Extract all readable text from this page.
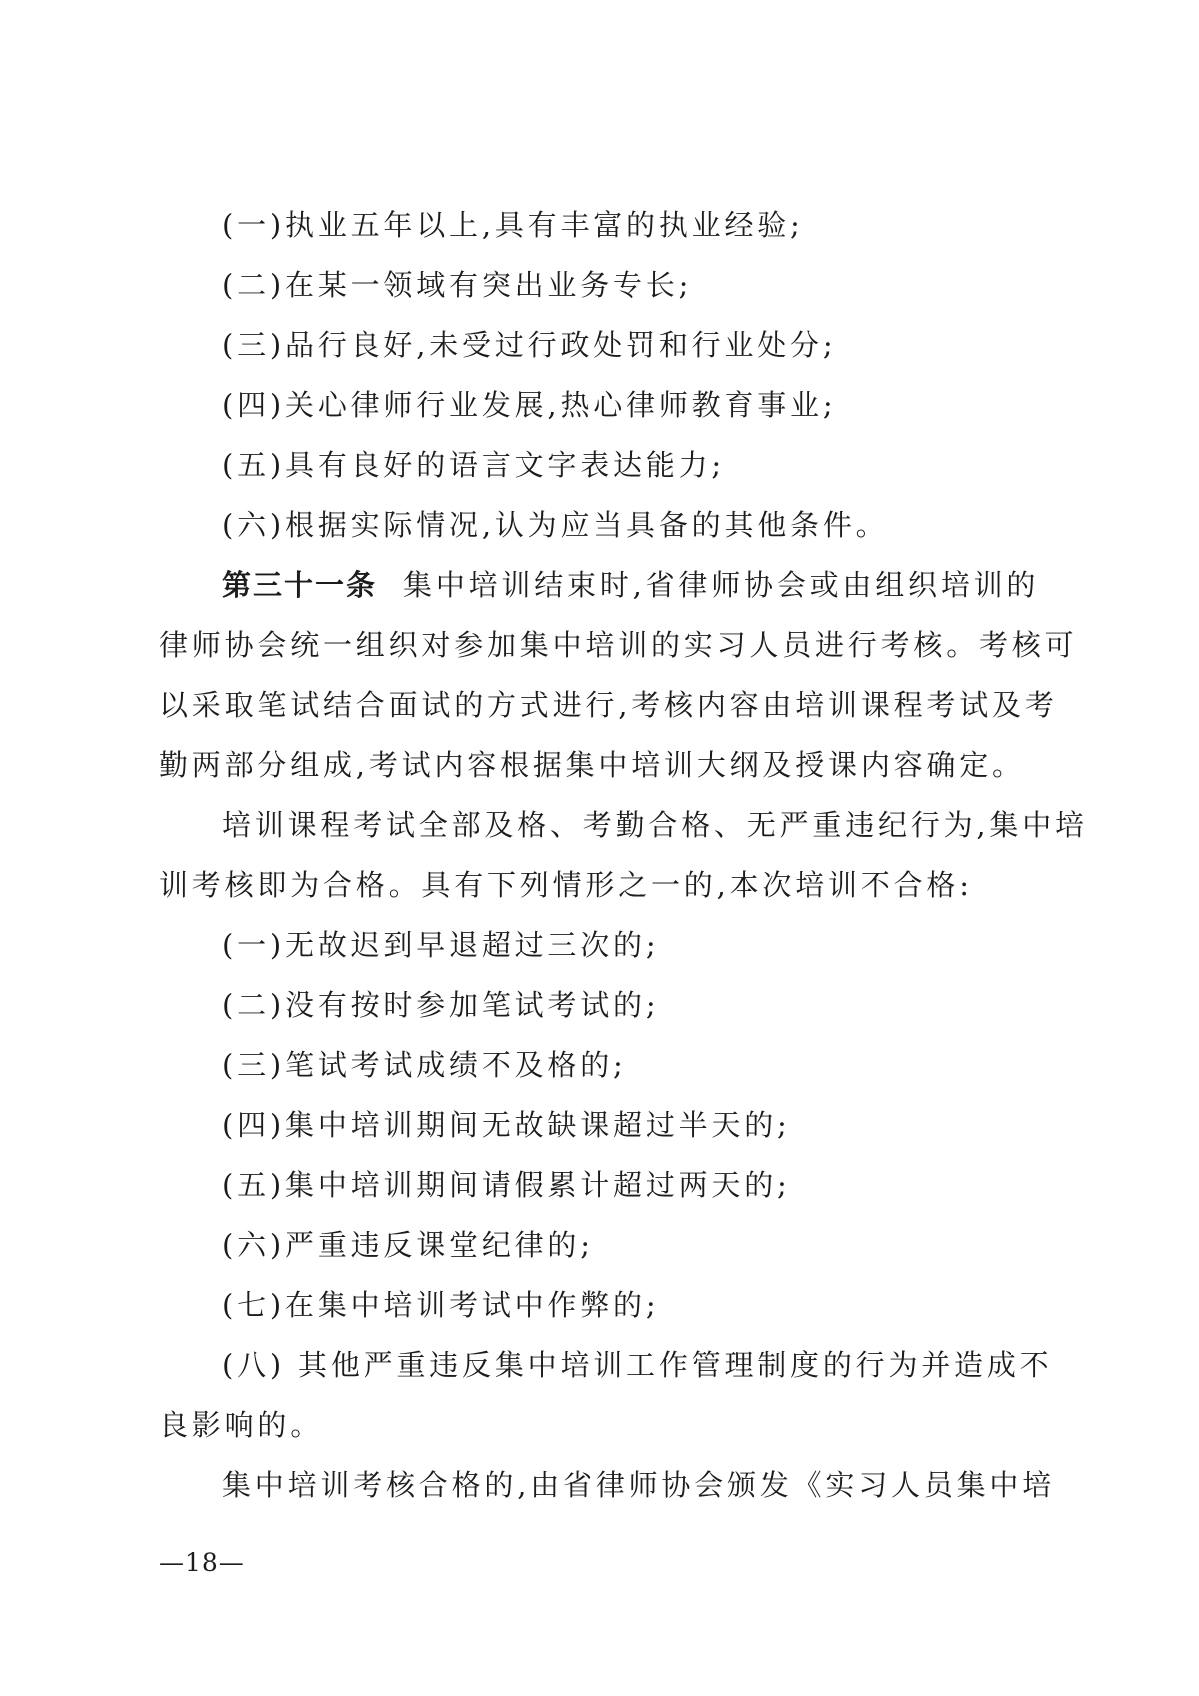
(一)执业五年以上,具有丰富的执业经验;
(二)在某一领域有突出业务专长;
(三)品行良好,未受过行政处罚和行业处分;
(四)关心律师行业发展,热心律师教育事业;
(五)具有良好的语言文字表达能力;
(六)根据实际情况,认为应当具备的其他条件。
第三十一条 集中培训结束时,省律师协会或由组织培训的
律师协会统一组织对参加集中培训的实习人员进行考核。考核可
以采取笔试结合面试的方式进行,考核内容由培训课程考试及考
勤两部分组成,考试内容根据集中培训大纲及授课内容确定。
培训课程考试全部及格、考勤合格、无严重违纪行为,集中培
训考核即为合格。具有下列情形之一的,本次培训不合格:
(一)无故迟到早退超过三次的;
(二)没有按时参加笔试考试的;
(三)笔试考试成绩不及格的;
(四)集中培训期间无故缺课超过半天的;
(五)集中培训期间请假累计超过两天的;
(六)严重违反课堂纪律的;
(七)在集中培训考试中作弊的;
(八) 其他严重违反集中培训工作管理制度的行为并造成不
良影响的。
集中培训考核合格的,由省律师协会颁发《实习人员集中培
—18—
